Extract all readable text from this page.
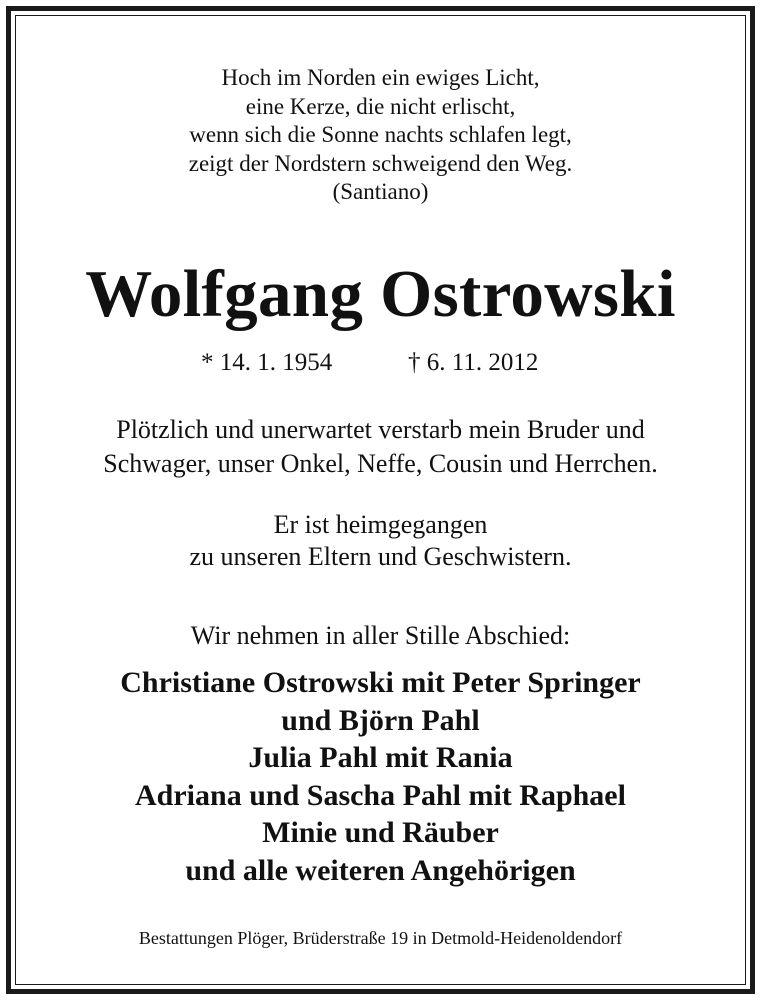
Hoch im Norden ein ewiges Licht,
eine Kerze, die nicht erlischt,
wenn sich die Sonne nachts schlafen legt,
zeigt der Nordstern schweigend den Weg.
(Santiano)
Wolfgang Ostrowski
* 14. 1. 1954	† 6. 11. 2012
Plötzlich und unerwartet verstarb mein Bruder und
Schwager, unser Onkel, Neffe, Cousin und Herrchen.
Er ist heimgegangen
zu unseren Eltern und Geschwistern.
Wir nehmen in aller Stille Abschied:
Christiane Ostrowski mit Peter Springer
und Björn Pahl
Julia Pahl mit Rania
Adriana und Sascha Pahl mit Raphael
Minie und Räuber
und alle weiteren Angehörigen
Bestattungen Plöger, Brüderstraße 19 in Detmold-Heidenoldendorf
